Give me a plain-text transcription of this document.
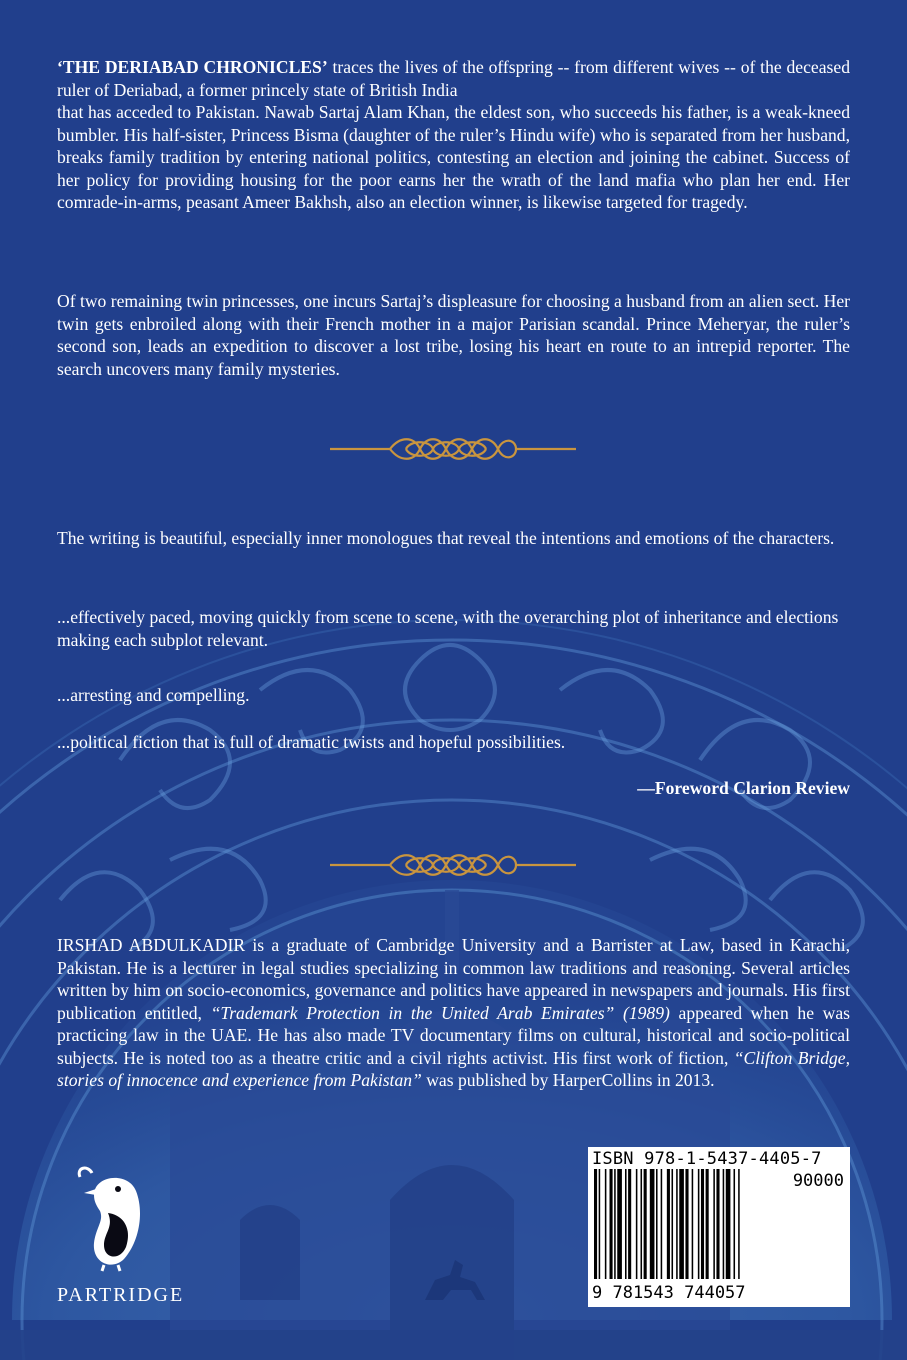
‘THE DERIABAD CHRONICLES’ traces the lives of the offspring -- from different wives -- of the deceased ruler of Deriabad, a former princely state of British India
that has acceded to Pakistan. Nawab Sartaj Alam Khan, the eldest son, who succeeds his father, is a weak-kneed bumbler. His half-sister, Princess Bisma (daughter of the ruler’s Hindu wife) who is separated from her husband, breaks family tradition by entering national politics, contesting an election and joining the cabinet. Success of her policy for providing housing for the poor earns her the wrath of the land mafia who plan her end. Her comrade-in-arms, peasant Ameer Bakhsh, also an election winner, is likewise targeted for tragedy.

Of two remaining twin princesses, one incurs Sartaj’s displeasure for choosing a husband from an alien sect. Her twin gets enbroiled along with their French mother in a major Parisian scandal. Prince Meheryar, the ruler’s second son, leads an expedition to discover a lost tribe, losing his heart en route to an intrepid reporter. The search uncovers many family mysteries.

The writing is beautiful, especially inner monologues that reveal the intentions and emotions of the characters.

...effectively paced, moving quickly from scene to scene, with the overarching plot of inheritance and elections making each subplot relevant.

...arresting and compelling.

...political fiction that is full of dramatic twists and hopeful possibilities.

—Foreword Clarion Review

IRSHAD ABDULKADIR is a graduate of Cambridge University and a Barrister at Law, based in Karachi, Pakistan. He is a lecturer in legal studies specializing in common law traditions and reasoning. Several articles written by him on socio-economics, governance and politics have appeared in newspapers and journals. His first publication entitled, “Trademark Protection in the United Arab Emirates” (1989) appeared when he was practicing law in the UAE. He has also made TV documentary films on cultural, historical and socio-political subjects. He is noted too as a theatre critic and a civil rights activist. His first work of fiction, “Clifton Bridge, stories of innocence and experience from Pakistan” was published by HarperCollins in 2013.

PARTRIDGE
ISBN 978-1-5437-4405-7
90000
9 781543 744057
